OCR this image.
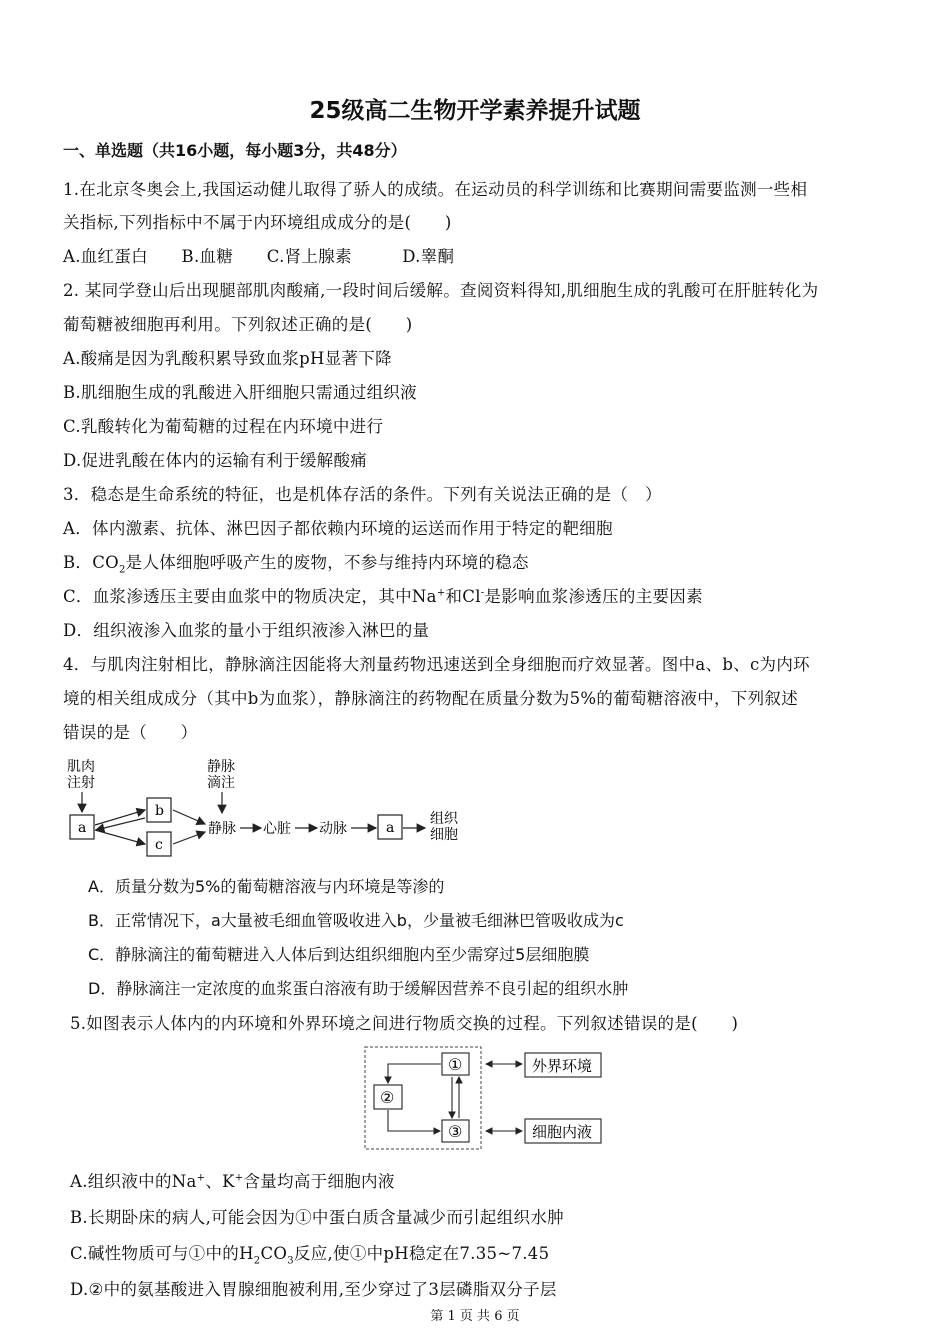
25级高二生物开学素养提升试题
一、单选题（共16小题，每小题3分，共48分）
1.在北京冬奥会上,我国运动健儿取得了骄人的成绩。在运动员的科学训练和比赛期间需要监测一些相
关指标,下列指标中不属于内环境组成成分的是(　　)
A.血红蛋白　　B.血糖　　C.肾上腺素　　　D.睾酮
2. 某同学登山后出现腿部肌肉酸痛,一段时间后缓解。查阅资料得知,肌细胞生成的乳酸可在肝脏转化为
葡萄糖被细胞再利用。下列叙述正确的是(　　)
A.酸痛是因为乳酸积累导致血浆pH显著下降
B.肌细胞生成的乳酸进入肝细胞只需通过组织液
C.乳酸转化为葡萄糖的过程在内环境中进行
D.促进乳酸在体内的运输有利于缓解酸痛
3．稳态是生命系统的特征，也是机体存活的条件。下列有关说法正确的是（　）
A．体内激素、抗体、淋巴因子都依赖内环境的运送而作用于特定的靶细胞
B．$CO_2$是人体细胞呼吸产生的废物，不参与维持内环境的稳态
C．血浆渗透压主要由血浆中的物质决定，其中Na+和Cl-是影响血浆渗透压的主要因素
D．组织液渗入血浆的量小于组织液渗入淋巴的量
4．与肌肉注射相比，静脉滴注因能将大剂量药物迅速送到全身细胞而疗效显著。图中a、b、c为内环
境的相关组成成分（其中b为血浆），静脉滴注的药物配在质量分数为5%的葡萄糖溶液中，下列叙述
错误的是（　　）
肌肉
注射
静脉
滴注
a
b
c
静脉 心脏 动脉	a
组织
细胞
A．质量分数为5%的葡萄糖溶液与内环境是等渗的
B．正常情况下，a大量被毛细血管吸收进入b，少量被毛细淋巴管吸收成为c
C．静脉滴注的葡萄糖进入人体后到达组织细胞内至少需穿过5层细胞膜
D．静脉滴注一定浓度的血浆蛋白溶液有助于缓解因营养不良引起的组织水肿
5.如图表示人体内的内环境和外界环境之间进行物质交换的过程。下列叙述错误的是(　　)
①
②
③
外界环境
细胞内液
A.组织液中的Na+、K+含量均高于细胞内液
B.长期卧床的病人,可能会因为①中蛋白质含量减少而引起组织水肿
C.碱性物质可与①中的$H_2CO_3$反应,使①中pH稳定在7.35~7.45
D.②中的氨基酸进入胃腺细胞被利用,至少穿过了3层磷脂双分子层
第 1 页 共 6 页
